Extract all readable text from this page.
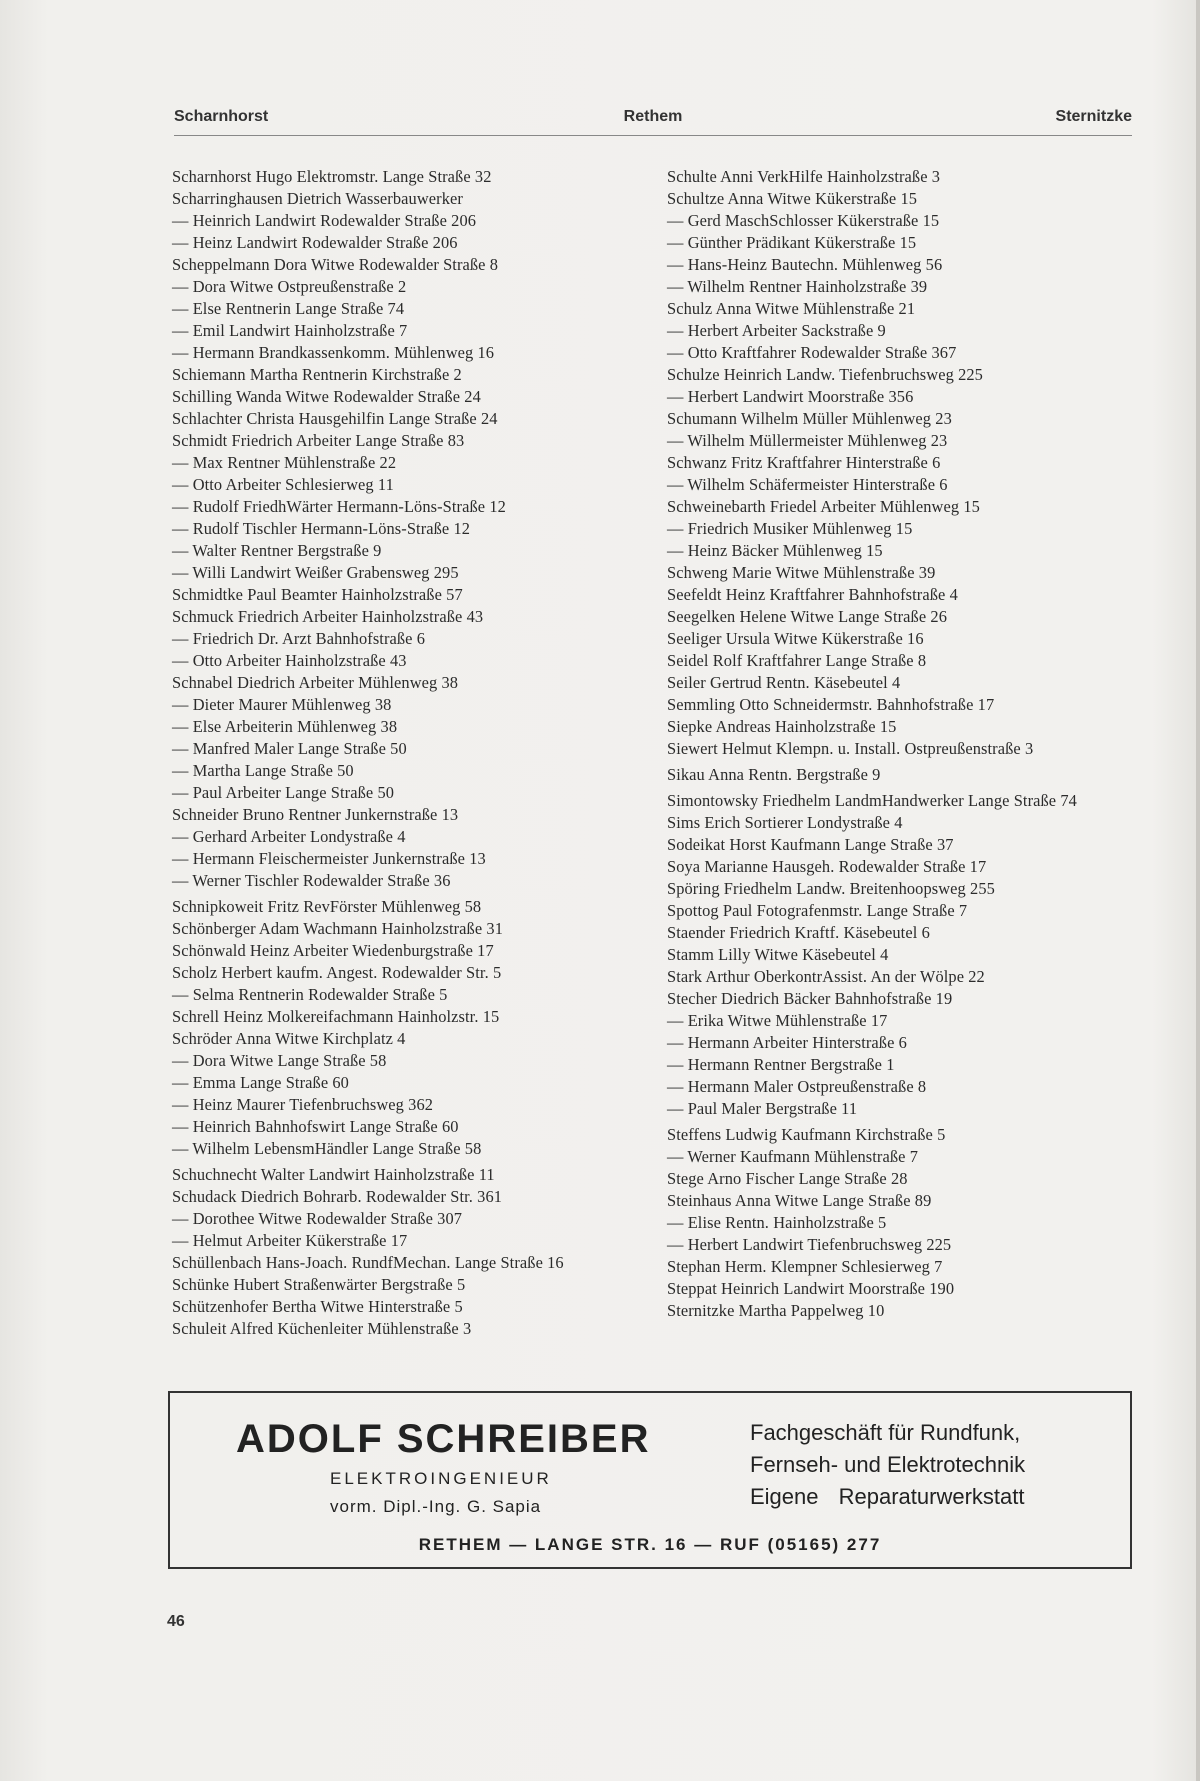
Scharnhorst	Rethem	Sternitzke
Scharnhorst Hugo Elektromstr. Lange Straße 32
Scharringhausen Dietrich Wasserbauwerker
— Heinrich Landwirt Rodewalder Straße 206
— Heinz Landwirt Rodewalder Straße 206
Scheppelmann Dora Witwe Rodewalder Straße 8
— Dora Witwe Ostpreußenstraße 2
— Else Rentnerin Lange Straße 74
— Emil Landwirt Hainholzstraße 7
— Hermann Brandkassenkomm. Mühlenweg 16
Schiemann Martha Rentnerin Kirchstraße 2
Schilling Wanda Witwe Rodewalder Straße 24
Schlachter Christa Hausgehilfin Lange Straße 24
Schmidt Friedrich Arbeiter Lange Straße 83
— Max Rentner Mühlenstraße 22
— Otto Arbeiter Schlesierweg 11
— Rudolf FriedhWärter Hermann-Löns-Straße 12
— Rudolf Tischler Hermann-Löns-Straße 12
— Walter Rentner Bergstraße 9
— Willi Landwirt Weißer Grabensweg 295
Schmidtke Paul Beamter Hainholzstraße 57
Schmuck Friedrich Arbeiter Hainholzstraße 43
— Friedrich Dr. Arzt Bahnhofstraße 6
— Otto Arbeiter Hainholzstraße 43
Schnabel Diedrich Arbeiter Mühlenweg 38
— Dieter Maurer Mühlenweg 38
— Else Arbeiterin Mühlenweg 38
— Manfred Maler Lange Straße 50
— Martha Lange Straße 50
— Paul Arbeiter Lange Straße 50
Schneider Bruno Rentner Junkernstraße 13
— Gerhard Arbeiter Londystraße 4
— Hermann Fleischermeister Junkernstraße 13
— Werner Tischler Rodewalder Straße 36
Schnipkoweit Fritz RevFörster Mühlenweg 58
Schönberger Adam Wachmann Hainholzstraße 31
Schönwald Heinz Arbeiter Wiedenburgstraße 17
Scholz Herbert kaufm. Angest. Rodewalder Str. 5
— Selma Rentnerin Rodewalder Straße 5
Schrell Heinz Molkereifachmann Hainholzstr. 15
Schröder Anna Witwe Kirchplatz 4
— Dora Witwe Lange Straße 58
— Emma Lange Straße 60
— Heinz Maurer Tiefenbruchsweg 362
— Heinrich Bahnhofswirt Lange Straße 60
— Wilhelm LebensmHändler Lange Straße 58
Schuchnecht Walter Landwirt Hainholzstraße 11
Schudack Diedrich Bohrarb. Rodewalder Str. 361
— Dorothee Witwe Rodewalder Straße 307
— Helmut Arbeiter Kükerstraße 17
Schüllenbach Hans-Joach. RundfMechan. Lange Straße 16
Schünke Hubert Straßenwärter Bergstraße 5
Schützenhofer Bertha Witwe Hinterstraße 5
Schuleit Alfred Küchenleiter Mühlenstraße 3
Schulte Anni VerkHilfe Hainholzstraße 3
Schultze Anna Witwe Kükerstraße 15
— Gerd MaschSchlosser Kükerstraße 15
— Günther Prädikant Kükerstraße 15
— Hans-Heinz Bautechn. Mühlenweg 56
— Wilhelm Rentner Hainholzstraße 39
Schulz Anna Witwe Mühlenstraße 21
— Herbert Arbeiter Sackstraße 9
— Otto Kraftfahrer Rodewalder Straße 367
Schulze Heinrich Landw. Tiefenbruchsweg 225
— Herbert Landwirt Moorstraße 356
Schumann Wilhelm Müller Mühlenweg 23
— Wilhelm Müllermeister Mühlenweg 23
Schwanz Fritz Kraftfahrer Hinterstraße 6
— Wilhelm Schäfermeister Hinterstraße 6
Schweinebarth Friedel Arbeiter Mühlenweg 15
— Friedrich Musiker Mühlenweg 15
— Heinz Bäcker Mühlenweg 15
Schweng Marie Witwe Mühlenstraße 39
Seefeldt Heinz Kraftfahrer Bahnhofstraße 4
Seegelken Helene Witwe Lange Straße 26
Seeliger Ursula Witwe Kükerstraße 16
Seidel Rolf Kraftfahrer Lange Straße 8
Seiler Gertrud Rentn. Käsebeutel 4
Semmling Otto Schneidermstr. Bahnhofstraße 17
Siepke Andreas Hainholzstraße 15
Siewert Helmut Klempn. u. Install. Ostpreußenstraße 3
Sikau Anna Rentn. Bergstraße 9
Simontowsky Friedhelm LandmHandwerker Lange Straße 74
Sims Erich Sortierer Londystraße 4
Sodeikat Horst Kaufmann Lange Straße 37
Soya Marianne Hausgeh. Rodewalder Straße 17
Spöring Friedhelm Landw. Breitenhoopsweg 255
Spottog Paul Fotografenmstr. Lange Straße 7
Staender Friedrich Kraftf. Käsebeutel 6
Stamm Lilly Witwe Käsebeutel 4
Stark Arthur OberkontrAssist. An der Wölpe 22
Stecher Diedrich Bäcker Bahnhofstraße 19
— Erika Witwe Mühlenstraße 17
— Hermann Arbeiter Hinterstraße 6
— Hermann Rentner Bergstraße 1
— Hermann Maler Ostpreußenstraße 8
— Paul Maler Bergstraße 11
Steffens Ludwig Kaufmann Kirchstraße 5
— Werner Kaufmann Mühlenstraße 7
Stege Arno Fischer Lange Straße 28
Steinhaus Anna Witwe Lange Straße 89
— Elise Rentn. Hainholzstraße 5
— Herbert Landwirt Tiefenbruchsweg 225
Stephan Herm. Klempner Schlesierweg 7
Steppat Heinrich Landwirt Moorstraße 190
Sternitzke Martha Pappelweg 10
ADOLF SCHREIBER
ELEKTROINGENIEUR
vorm. Dipl.-Ing. G. Sapia
Fachgeschäft für Rundfunk,
Fernseh- und Elektrotechnik
Eigene Reparaturwerkstatt
RETHEM — LANGE STR. 16 — RUF (05165) 277
46
